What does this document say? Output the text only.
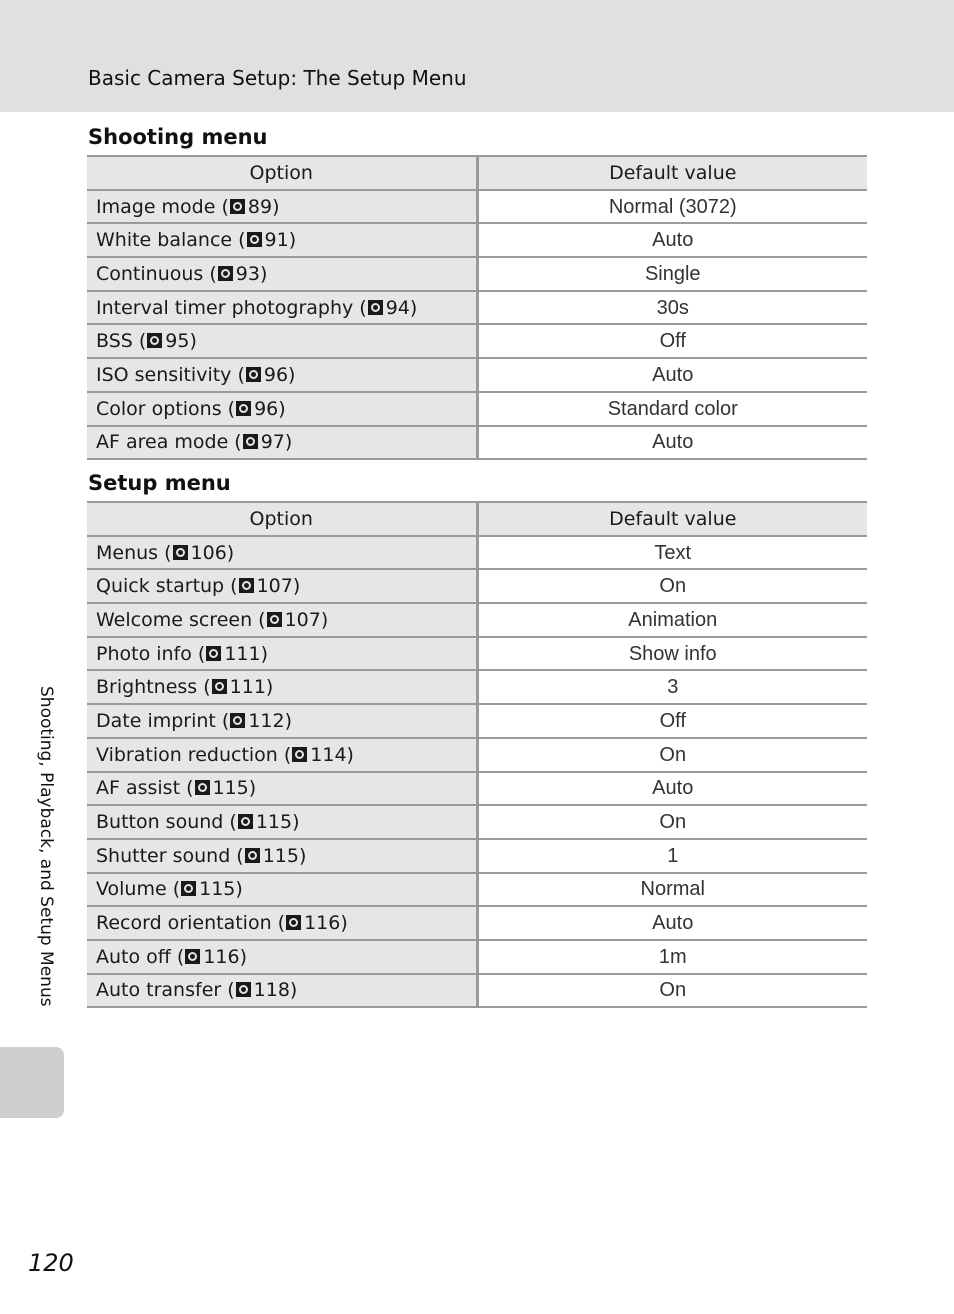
Basic Camera Setup: The Setup Menu
Shooting menu
Option	Default value
Image mode ( 89)	Normal (3072)
White balance ( 91)	Auto
Continuous ( 93)	Single
Interval timer photography ( 94)	30s
BSS ( 95)	Off
ISO sensitivity ( 96)	Auto
Color options ( 96)	Standard color
AF area mode ( 97)	Auto
Setup menu
Option	Default value
Menus ( 106)	Text
Quick startup ( 107)	On
Welcome screen ( 107)	Animation
Photo info ( 111)	Show info
Brightness ( 111)	3
Date imprint ( 112)	Off
Vibration reduction ( 114)	On
AF assist ( 115)	Auto
Button sound ( 115)	On
Shutter sound ( 115)	1
Volume ( 115)	Normal
Record orientation ( 116)	Auto
Auto off ( 116)	1m
Auto transfer ( 118)	On
Shooting, Playback, and Setup Menus
120
